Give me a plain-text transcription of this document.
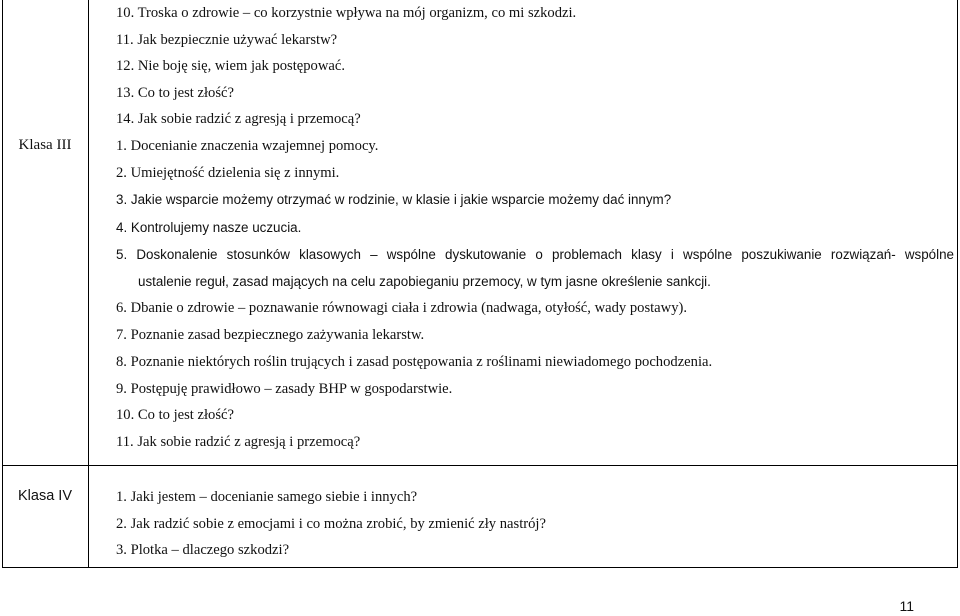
Klasa III
Klasa IV
10. Troska o zdrowie – co korzystnie wpływa na mój organizm, co mi szkodzi.
11. Jak bezpiecznie używać lekarstw?
12. Nie boję się, wiem jak postępować.
13. Co to jest złość?
14. Jak sobie radzić z agresją i przemocą?
1. Docenianie znaczenia wzajemnej pomocy.
2. Umiejętność dzielenia się z innymi.
3. Jakie wsparcie możemy otrzymać w rodzinie, w klasie i jakie wsparcie możemy dać innym?
4. Kontrolujemy nasze uczucia.
5. Doskonalenie stosunków klasowych – wspólne dyskutowanie o problemach klasy i wspólne poszukiwanie rozwiązań- wspólne
ustalenie reguł, zasad mających na celu zapobieganiu przemocy, w tym jasne określenie sankcji.
6. Dbanie o zdrowie – poznawanie równowagi ciała i zdrowia (nadwaga, otyłość, wady postawy).
7. Poznanie zasad bezpiecznego zażywania lekarstw.
8. Poznanie niektórych roślin trujących i zasad postępowania z roślinami niewiadomego pochodzenia.
9. Postępuję prawidłowo – zasady BHP w gospodarstwie.
10. Co to jest złość?
11. Jak sobie radzić z agresją i przemocą?
1. Jaki jestem – docenianie samego siebie i innych?
2. Jak radzić sobie z emocjami i co można zrobić, by zmienić zły nastrój?
3. Plotka – dlaczego szkodzi?
11
